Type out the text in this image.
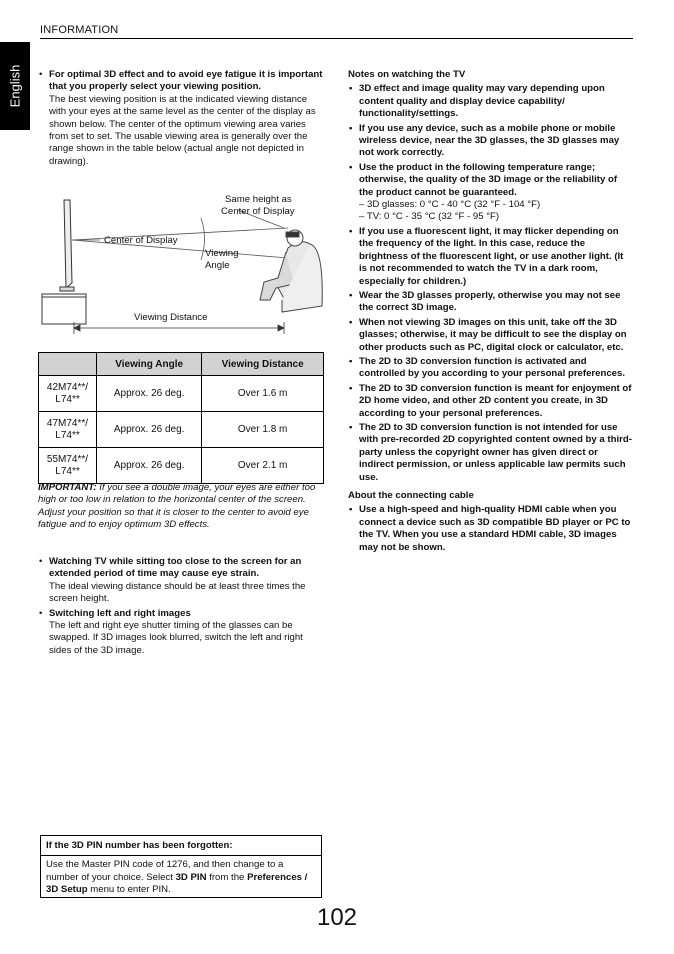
INFORMATION
English	• For optimal 3D effect and to avoid eye fatigue it is important that you properly select your viewing position.
The best viewing position is at the indicated viewing distance with your eyes at the same level as the center of the display as shown below. The center of the optimum viewing area varies from set to set. The usable viewing area is generally over the range shown in the table below (actual angle not depicted in drawing).
Same height as
Center of Display
Center of Display
Viewing
Angle
Viewing Distance
	Viewing Angle	Viewing Distance
42M74**/
L74**	Approx. 26 deg.	Over 1.6 m
47M74**/
L74**	Approx. 26 deg.	Over 1.8 m
55M74**/
L74**	Approx. 26 deg.	Over 2.1 m
IMPORTANT: If you see a double image, your eyes are either too high or too low in relation to the horizontal center of the screen.
Adjust your position so that it is closer to the center to avoid eye fatigue and to enjoy optimum 3D effects.
• Watching TV while sitting too close to the screen for an extended period of time may cause eye strain.
The ideal viewing distance should be at least three times the screen height.
• Switching left and right images
The left and right eye shutter timing of the glasses can be swapped. If 3D images look blurred, switch the left and right sides of the 3D image.
If the 3D PIN number has been forgotten:
Use the Master PIN code of 1276, and then change to a number of your choice. Select 3D PIN from the Preferences / 3D Setup menu to enter PIN.
Notes on watching the TV
• 3D effect and image quality may vary depending upon content quality and display device capability/ functionality/settings.
• If you use any device, such as a mobile phone or mobile wireless device, near the 3D glasses, the 3D glasses may not work correctly.
• Use the product in the following temperature range; otherwise, the quality of the 3D image or the reliability of the product cannot be guaranteed.
– 3D glasses: 0 °C - 40 °C (32 °F - 104 °F)
– TV: 0 °C - 35 °C (32 °F - 95 °F)
• If you use a fluorescent light, it may flicker depending on the frequency of the light. In this case, reduce the brightness of the fluorescent light, or use another light. (It is not recommended to watch the TV in a dark room, especially for children.)
• Wear the 3D glasses properly, otherwise you may not see the correct 3D image.
• When not viewing 3D images on this unit, take off the 3D glasses; otherwise, it may be difficult to see the display on other products such as PC, digital clock or calculator, etc.
• The 2D to 3D conversion function is activated and controlled by you according to your personal preferences.
• The 2D to 3D conversion function is meant for enjoyment of 2D home video, and other 2D content you create, in 3D according to your personal preferences.
• The 2D to 3D conversion function is not intended for use with pre-recorded 2D copyrighted content owned by a third-party unless the copyright owner has given direct or indirect permission, or unless applicable law permits such use.
About the connecting cable
• Use a high-speed and high-quality HDMI cable when you connect a device such as 3D compatible BD player or PC to the TV. When you use a standard HDMI cable, 3D images may not be shown.
102
